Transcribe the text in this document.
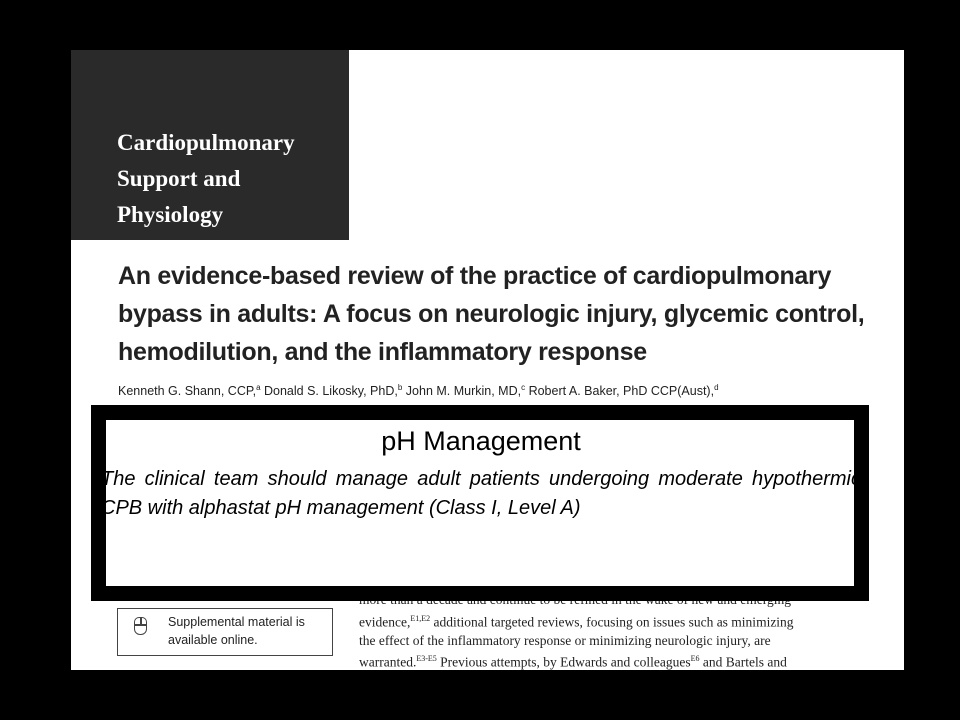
Cardiopulmonary
Support and
Physiology

An evidence-based review of the practice of cardiopulmonary bypass in adults: A focus on neurologic injury, glycemic control, hemodilution, and the inflammatory response

Kenneth G. Shann, CCP,$^a$ Donald S. Likosky, PhD,$^b$ John M. Murkin, MD,$^c$ Robert A. Baker, PhD CCP(Aust),$^d$

Supplemental material is
available online.

evidence,$^{E1,E2}$ additional targeted reviews, focusing on issues such as minimizing
the effect of the inflammatory response or minimizing neurologic injury, are
warranted.$^{E3-E5}$ Previous attempts, by Edwards and colleagues$^{E6}$ and Bartels and

pH Management

The clinical team should manage adult patients undergoing moderate hypothermic CPB with alphastat pH management (Class I, Level A)
